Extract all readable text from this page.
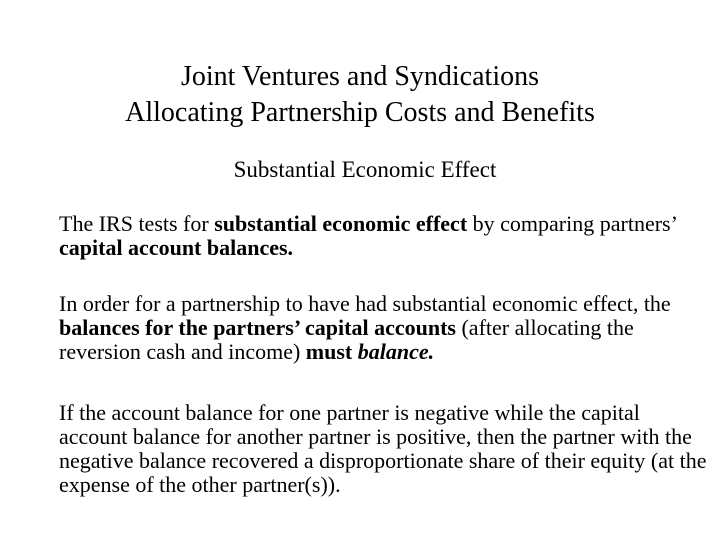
Joint Ventures and Syndications
Allocating Partnership Costs and Benefits
Substantial Economic Effect

The IRS tests for substantial economic effect by comparing partners’ capital account balances.

In order for a partnership to have had substantial economic effect, the balances for the partners’ capital accounts (after allocating the reversion cash and income) must balance.

If the account balance for one partner is negative while the capital account balance for another partner is positive, then the partner with the negative balance recovered a disproportionate share of their equity (at the expense of the other partner(s)).
